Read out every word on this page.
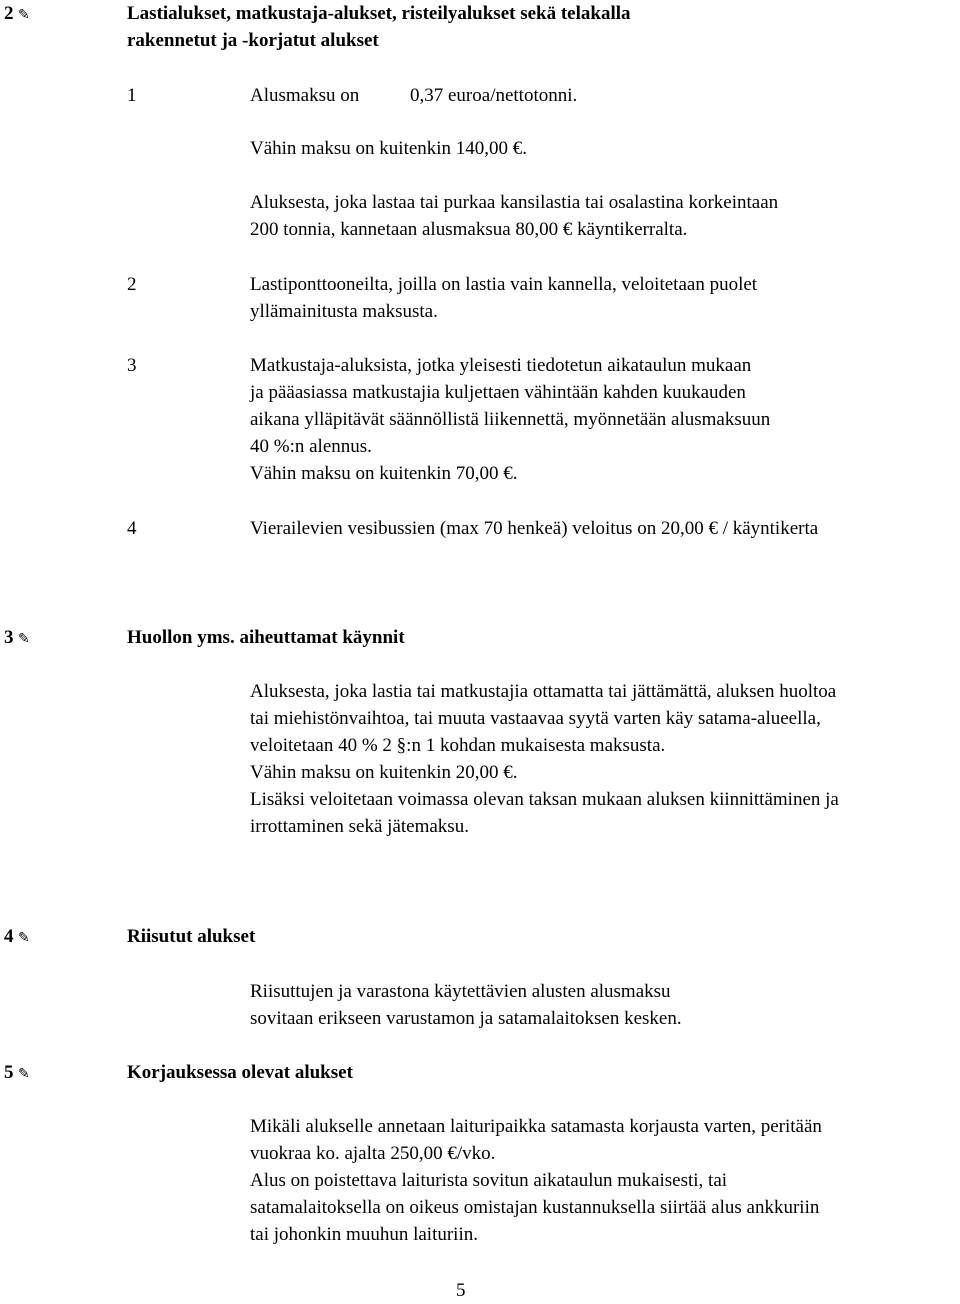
2 ✎	Lastialukset, matkustaja-alukset, risteilyalukset sekä telakalla
rakennetut ja -korjatut alukset
1	Alusmaksu on	0,37 euroa/nettotonni.
Vähin maksu on kuitenkin 140,00 €.
Aluksesta, joka lastaa tai purkaa kansilastia tai osalastina korkeintaan
200 tonnia, kannetaan alusmaksua 80,00 € käyntikerralta.
2	Lastiponttooneilta, joilla on lastia vain kannella, veloitetaan puolet
yllämainitusta maksusta.
3	Matkustaja-aluksista, jotka yleisesti tiedotetun aikataulun mukaan
ja pääasiassa matkustajia kuljettaen vähintään kahden kuukauden
aikana ylläpitävät säännöllistä liikennettä, myönnetään alusmaksuun
40 %:n alennus.
Vähin maksu on kuitenkin 70,00 €.
4	Vierailevien vesibussien (max 70 henkeä) veloitus on 20,00 € / käyntikerta
3 ✎	Huollon yms. aiheuttamat käynnit
Aluksesta, joka lastia tai matkustajia ottamatta tai jättämättä, aluksen huoltoa
tai miehistönvaihtoa, tai muuta vastaavaa syytä varten käy satama-alueella,
veloitetaan 40 % 2 §:n 1 kohdan mukaisesta maksusta.
Vähin maksu on kuitenkin 20,00 €.
Lisäksi veloitetaan voimassa olevan taksan mukaan aluksen kiinnittäminen ja
irrottaminen sekä jätemaksu.
4 ✎	Riisutut alukset
Riisuttujen ja varastona käytettävien alusten alusmaksu
sovitaan erikseen varustamon ja satamalaitoksen kesken.
5 ✎	Korjauksessa olevat alukset
Mikäli alukselle annetaan laituripaikka satamasta korjausta varten, peritään
vuokraa ko. ajalta 250,00 €/vko.
Alus on poistettava laiturista sovitun aikataulun mukaisesti, tai
satamalaitoksella on oikeus omistajan kustannuksella siirtää alus ankkuriin
tai johonkin muuhun laituriin.
5
